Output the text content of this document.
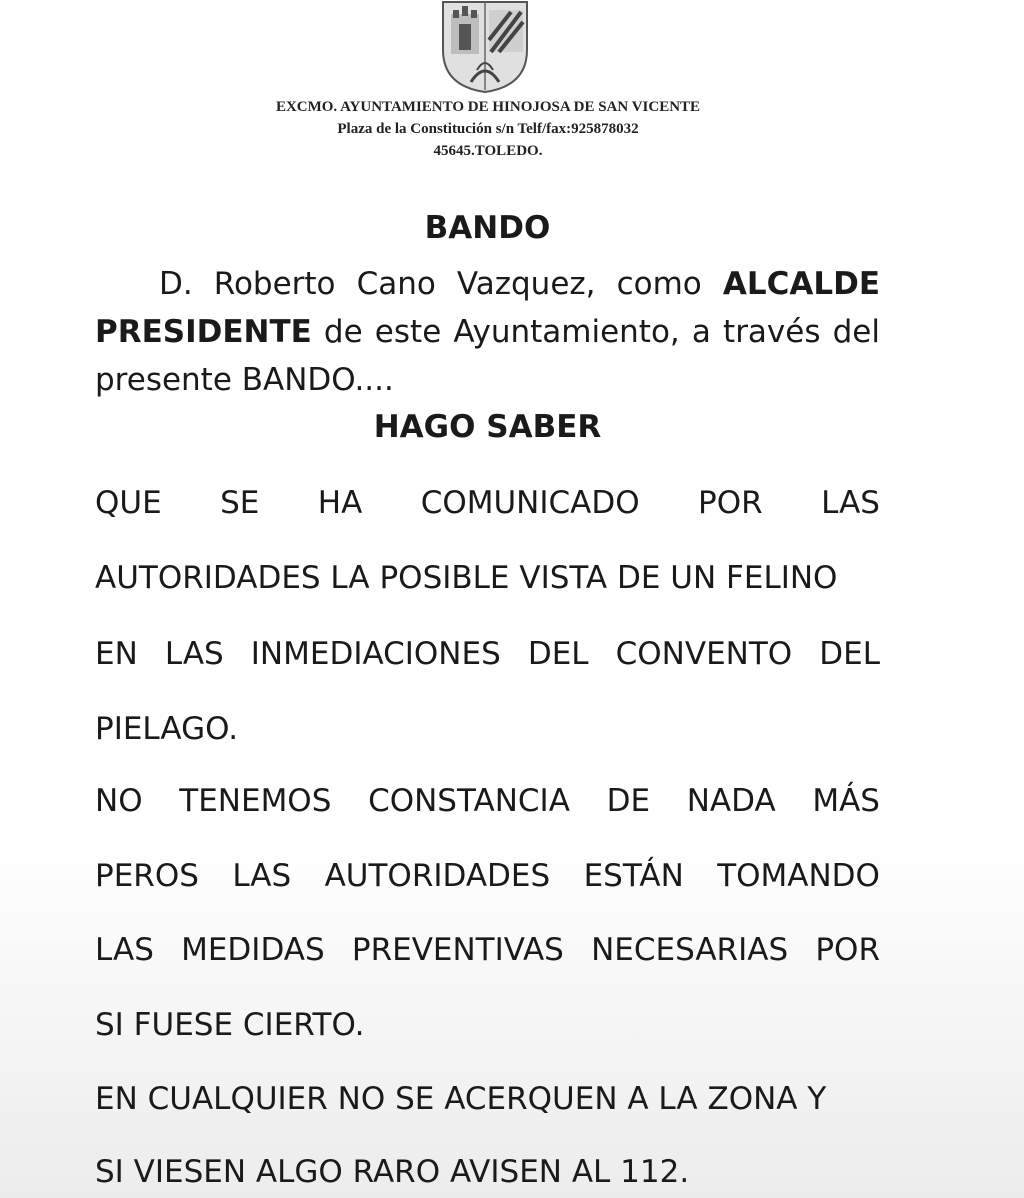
EXCMO. AYUNTAMIENTO DE HINOJOSA DE SAN VICENTE
Plaza de la Constitución s/n Telf/fax:925878032
45645.TOLEDO.
BANDO
D. Roberto Cano Vazquez, como ALCALDE PRESIDENTE de este Ayuntamiento, a través del presente BANDO....
HAGO SABER
QUE SE HA COMUNICADO POR LAS
AUTORIDADES LA POSIBLE VISTA DE UN FELINO
EN LAS INMEDIACIONES DEL CONVENTO DEL
PIELAGO.
NO TENEMOS CONSTANCIA DE NADA MÁS
PEROS LAS AUTORIDADES ESTÁN TOMANDO
LAS MEDIDAS PREVENTIVAS NECESARIAS POR
SI FUESE CIERTO.
EN CUALQUIER NO SE ACERQUEN A LA ZONA Y
SI VIESEN ALGO RARO AVISEN AL 112.
